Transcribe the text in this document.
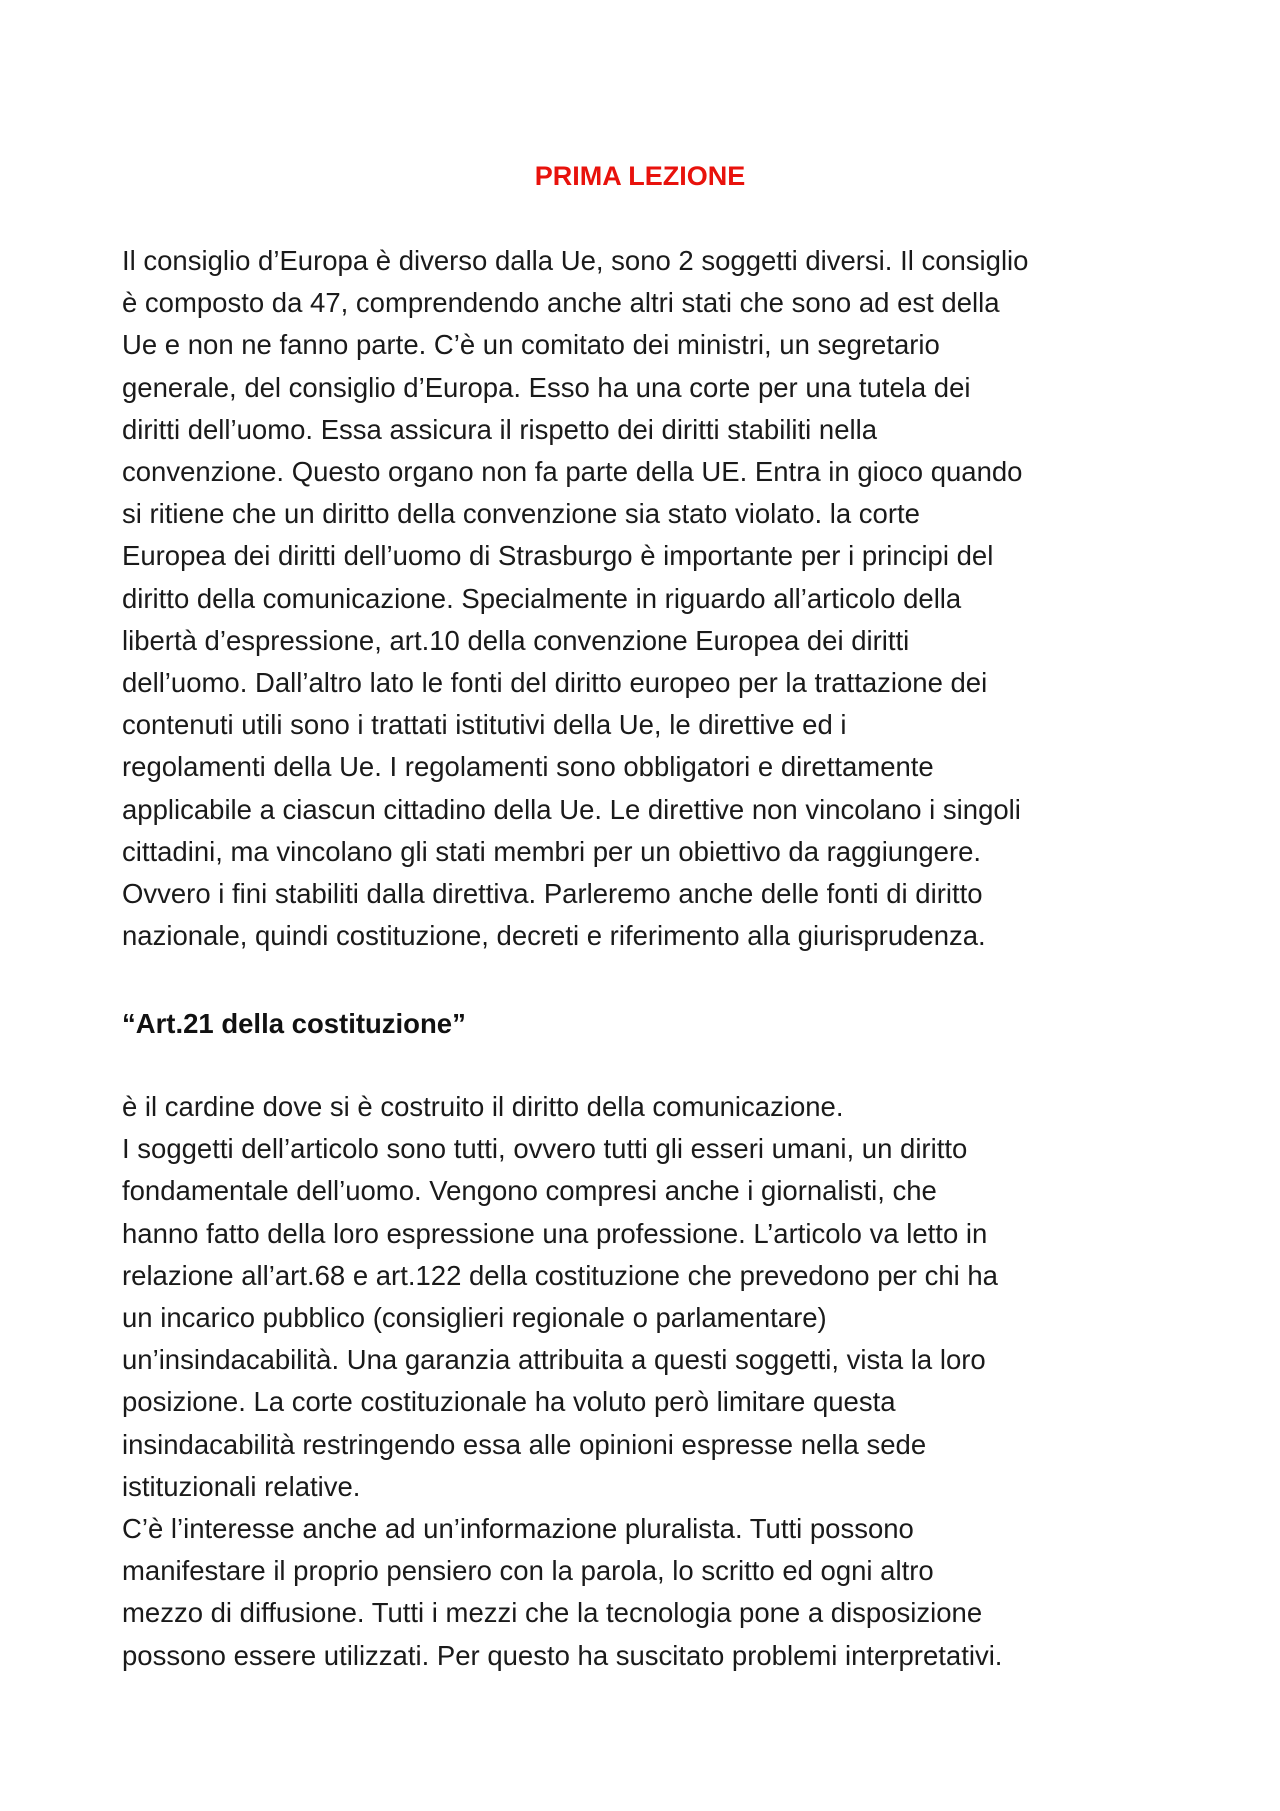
PRIMA LEZIONE

Il consiglio d’Europa è diverso dalla Ue, sono 2 soggetti diversi. Il consiglio
è composto da 47, comprendendo anche altri stati che sono ad est della
Ue e non ne fanno parte. C’è un comitato dei ministri, un segretario
generale, del consiglio d’Europa. Esso ha una corte per una tutela dei
diritti dell’uomo. Essa assicura il rispetto dei diritti stabiliti nella
convenzione. Questo organo non fa parte della UE. Entra in gioco quando
si ritiene che un diritto della convenzione sia stato violato. la corte
Europea dei diritti dell’uomo di Strasburgo è importante per i principi del
diritto della comunicazione. Specialmente in riguardo all’articolo della
libertà d’espressione, art.10 della convenzione Europea dei diritti
dell’uomo. Dall’altro lato le fonti del diritto europeo per la trattazione dei
contenuti utili sono i trattati istitutivi della Ue, le direttive ed i
regolamenti della Ue. I regolamenti sono obbligatori e direttamente
applicabile a ciascun cittadino della Ue. Le direttive non vincolano i singoli
cittadini, ma vincolano gli stati membri per un obiettivo da raggiungere.
Ovvero i fini stabiliti dalla direttiva. Parleremo anche delle fonti di diritto
nazionale, quindi costituzione, decreti e riferimento alla giurisprudenza.

“Art.21 della costituzione”

è il cardine dove si è costruito il diritto della comunicazione.
I soggetti dell’articolo sono tutti, ovvero tutti gli esseri umani, un diritto
fondamentale dell’uomo. Vengono compresi anche i giornalisti, che
hanno fatto della loro espressione una professione. L’articolo va letto in
relazione all’art.68 e art.122 della costituzione che prevedono per chi ha
un incarico pubblico (consiglieri regionale o parlamentare)
un’insindacabilità. Una garanzia attribuita a questi soggetti, vista la loro
posizione. La corte costituzionale ha voluto però limitare questa
insindacabilità restringendo essa alle opinioni espresse nella sede
istituzionali relative.
C’è l’interesse anche ad un’informazione pluralista. Tutti possono
manifestare il proprio pensiero con la parola, lo scritto ed ogni altro
mezzo di diffusione. Tutti i mezzi che la tecnologia pone a disposizione
possono essere utilizzati. Per questo ha suscitato problemi interpretativi.
